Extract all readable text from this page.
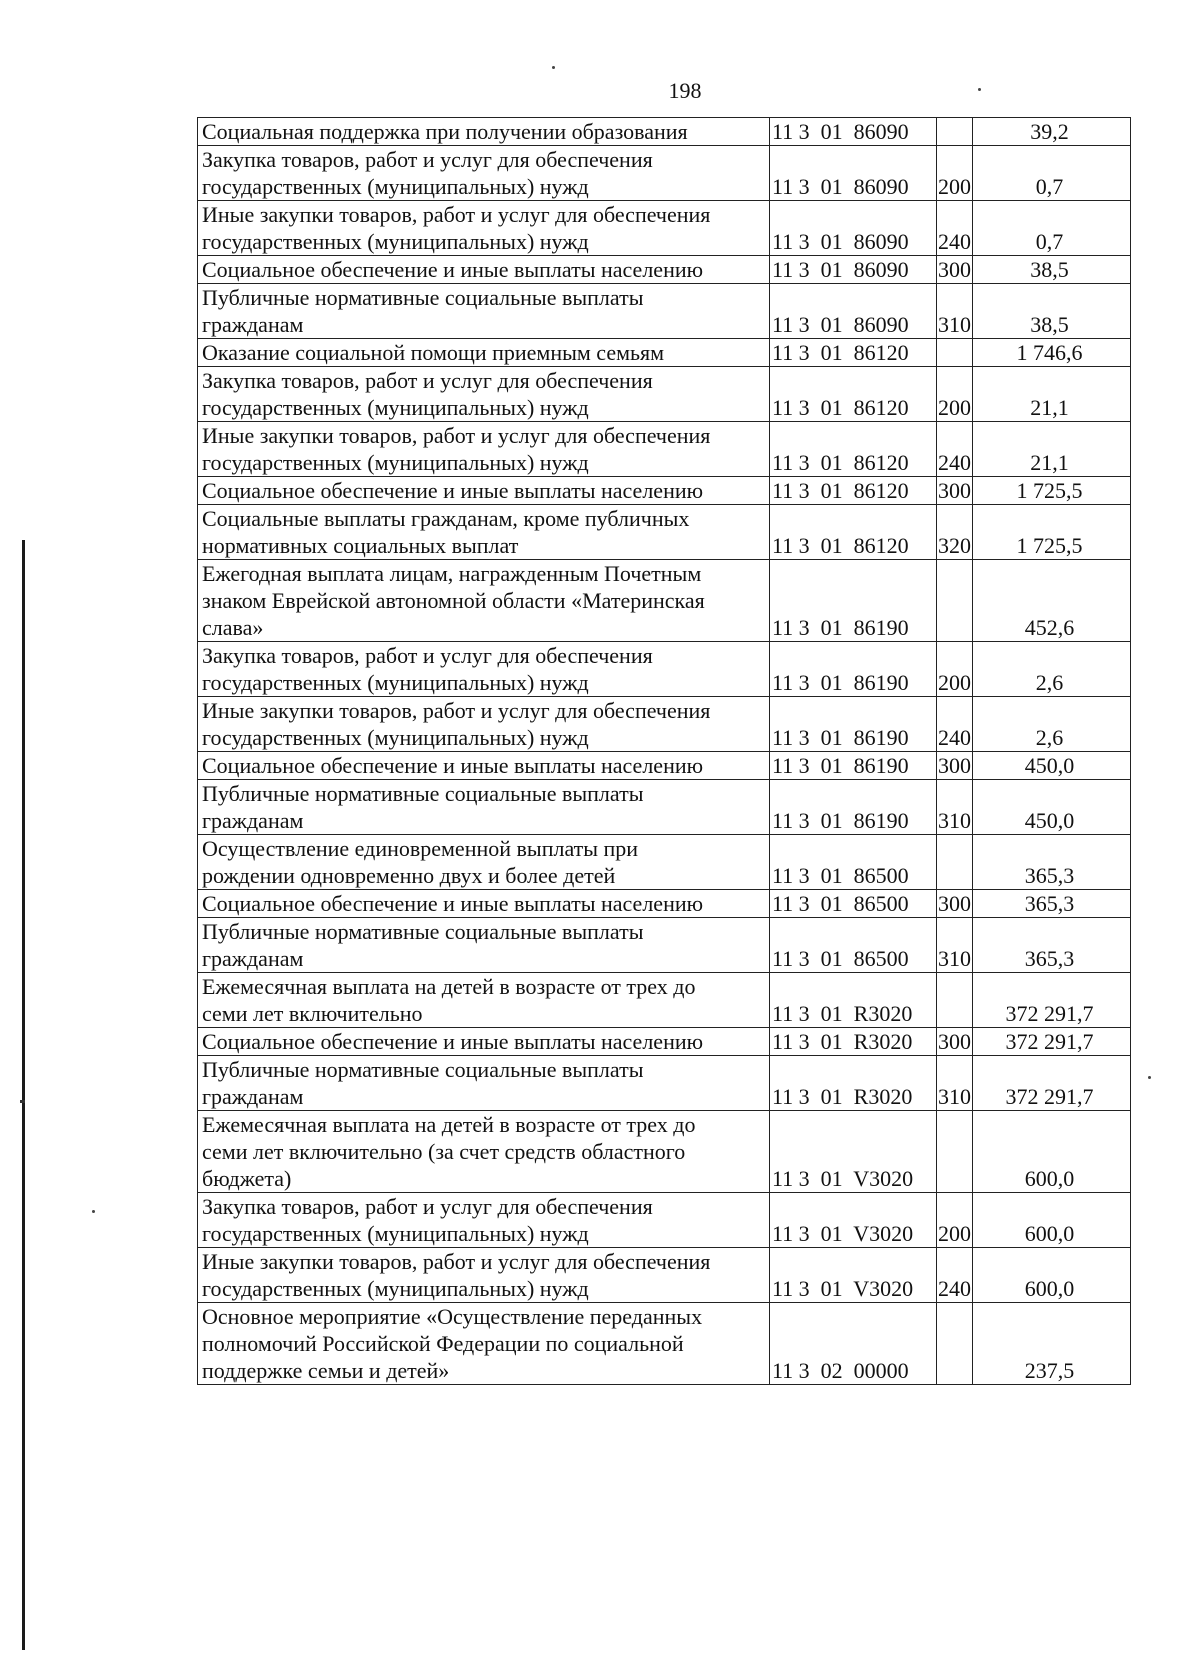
198
Социальная поддержка при получении образования	11 3  01  86090		39,2
Закупка товаров, работ и услуг для обеспечения
государственных (муниципальных) нужд	11 3  01  86090	200	0,7
Иные закупки товаров, работ и услуг для обеспечения
государственных (муниципальных) нужд	11 3  01  86090	240	0,7
Социальное обеспечение и иные выплаты населению	11 3  01  86090	300	38,5
Публичные нормативные социальные выплаты
гражданам	11 3  01  86090	310	38,5
Оказание социальной помощи приемным семьям	11 3  01  86120		1 746,6
Закупка товаров, работ и услуг для обеспечения
государственных (муниципальных) нужд	11 3  01  86120	200	21,1
Иные закупки товаров, работ и услуг для обеспечения
государственных (муниципальных) нужд	11 3  01  86120	240	21,1
Социальное обеспечение и иные выплаты населению	11 3  01  86120	300	1 725,5
Социальные выплаты гражданам, кроме публичных
нормативных социальных выплат	11 3  01  86120	320	1 725,5
Ежегодная выплата лицам, награжденным Почетным
знаком Еврейской автономной области «Материнская
слава»	11 3  01  86190		452,6
Закупка товаров, работ и услуг для обеспечения
государственных (муниципальных) нужд	11 3  01  86190	200	2,6
Иные закупки товаров, работ и услуг для обеспечения
государственных (муниципальных) нужд	11 3  01  86190	240	2,6
Социальное обеспечение и иные выплаты населению	11 3  01  86190	300	450,0
Публичные нормативные социальные выплаты
гражданам	11 3  01  86190	310	450,0
Осуществление единовременной выплаты при
рождении одновременно двух и более детей	11 3  01  86500		365,3
Социальное обеспечение и иные выплаты населению	11 3  01  86500	300	365,3
Публичные нормативные социальные выплаты
гражданам	11 3  01  86500	310	365,3
Ежемесячная выплата на детей в возрасте от трех до
семи лет включительно	11 3  01  R3020		372 291,7
Социальное обеспечение и иные выплаты населению	11 3  01  R3020	300	372 291,7
Публичные нормативные социальные выплаты
гражданам	11 3  01  R3020	310	372 291,7
Ежемесячная выплата на детей в возрасте от трех до
семи лет включительно (за счет средств областного
бюджета)	11 3  01  V3020		600,0
Закупка товаров, работ и услуг для обеспечения
государственных (муниципальных) нужд	11 3  01  V3020	200	600,0
Иные закупки товаров, работ и услуг для обеспечения
государственных (муниципальных) нужд	11 3  01  V3020	240	600,0
Основное мероприятие «Осуществление переданных
полномочий Российской Федерации по социальной
поддержке семьи и детей»	11 3  02  00000		237,5
